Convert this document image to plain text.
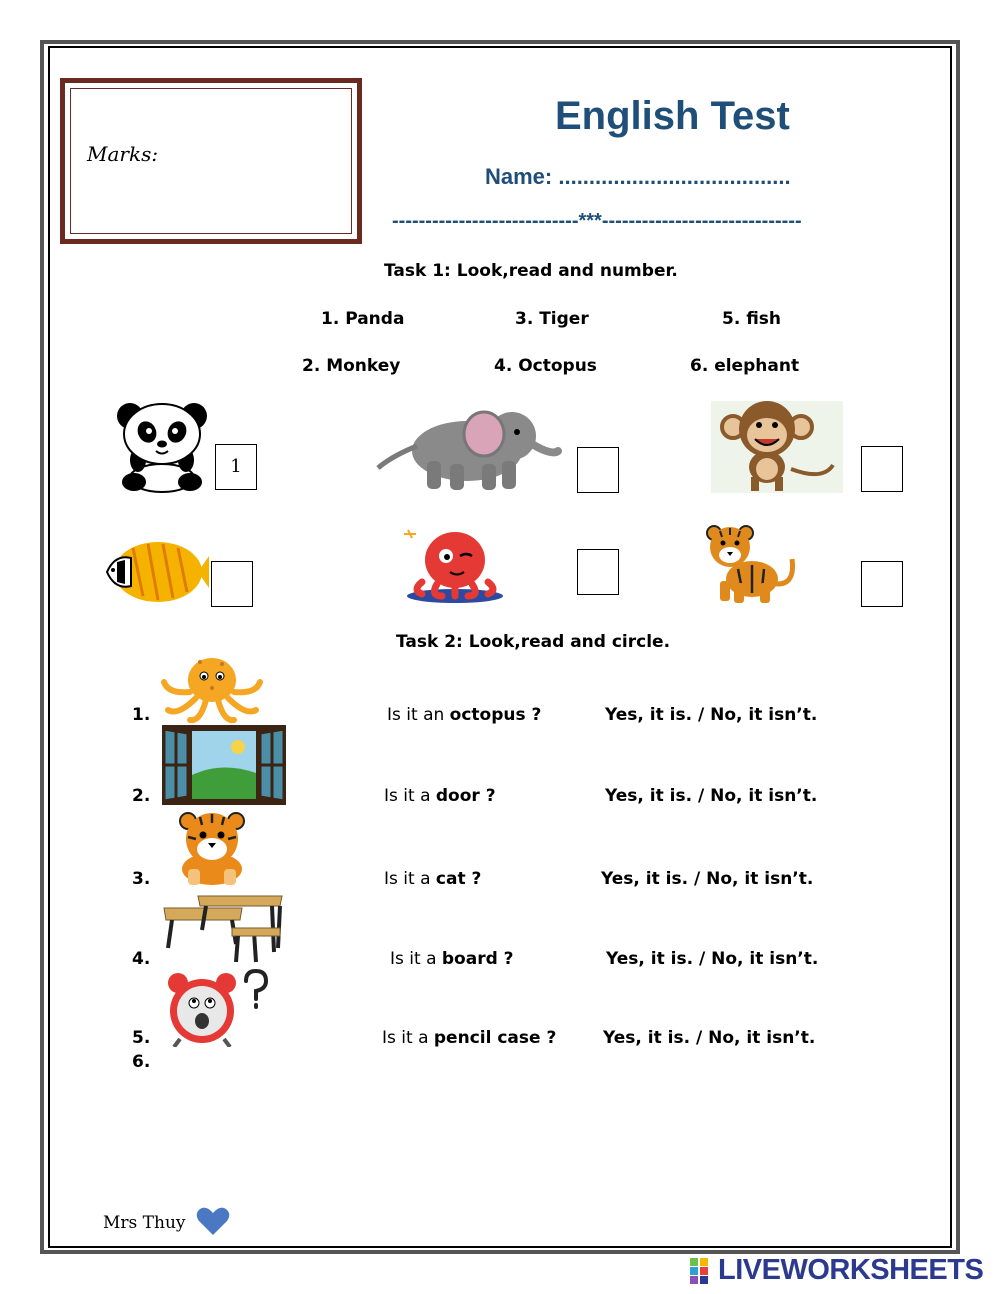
Marks:
English Test
Name: ......................................
----------------------------***------------------------------
Task 1: Look,read and number.
1. Panda	3. Tiger	5. fish
2. Monkey	4. Octopus	6. elephant
1
Task 2: Look,read and circle.
1.	Is it an octopus ?	Yes, it is. / No, it isn’t.
2.	Is it a door ?	Yes, it is. / No, it isn’t.
3.	Is it a cat ?	Yes, it is. / No, it isn’t.
4.	Is it a board ?	Yes, it is. / No, it isn’t.
5.	Is it a pencil case ?	Yes, it is. / No, it isn’t.
6.
Mrs Thuy
LIVEWORKSHEETS
